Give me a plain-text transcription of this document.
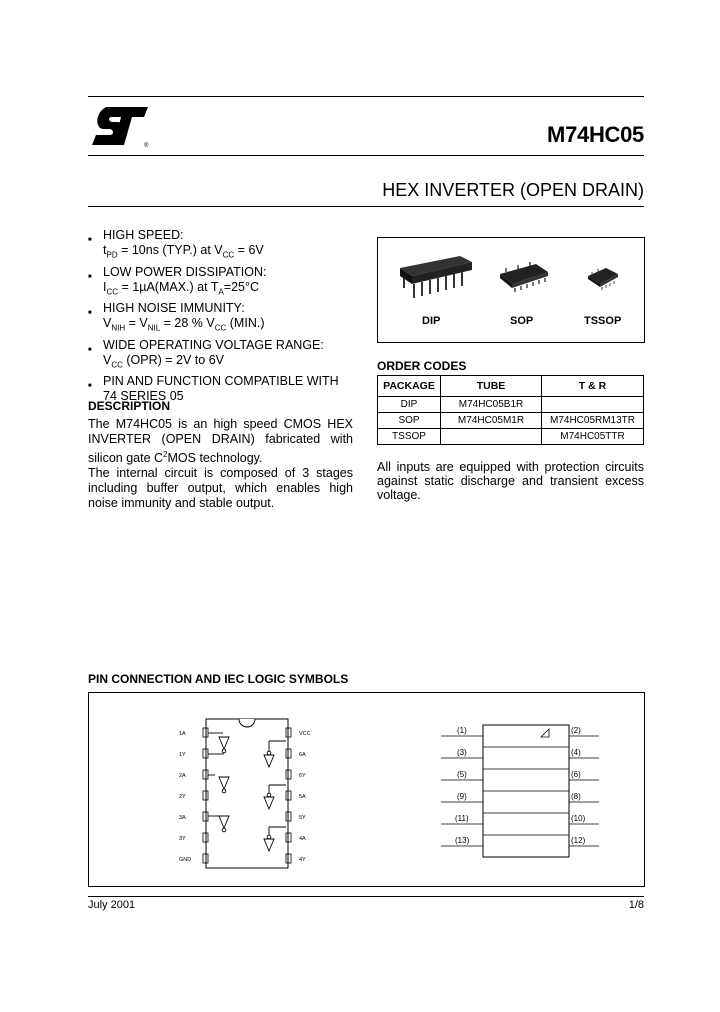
®	M74HC05
HEX INVERTER (OPEN DRAIN)
■ HIGH SPEED:
$t_{PD} = 10ns$ (TYP.) at $V_{CC} = 6V$
■ LOW POWER DISSIPATION:
$I_{CC} = 1\mu A(MAX.)$ at $T_A=25^\circ C$
■ HIGH NOISE IMMUNITY:
$V_{NIH} = V_{NIL} = 28$ % $V_{CC}$ (MIN.)
■ WIDE OPERATING VOLTAGE RANGE:
$V_{CC}$ (OPR) = 2V to 6V
■ PIN AND FUNCTION COMPATIBLE WITH
74 SERIES 05
DESCRIPTION

The M74HC05 is an high speed CMOS HEX INVERTER (OPEN DRAIN) fabricated with silicon gate $C^2MOS$ technology.

The internal circuit is composed of 3 stages including buffer output, which enables high noise immunity and stable output.

DIP	SOP	TSSOP
ORDER CODES
PACKAGE	TUBE	T & R
DIP	M74HC05B1R	
SOP	M74HC05M1R	M74HC05RM13TR
TSSOP		M74HC05TTR
All inputs are equipped with protection circuits against static discharge and transient excess voltage.
PIN CONNECTION AND IEC LOGIC SYMBOLS
1A
1Y
2A
2Y
3A
3Y
GND
VCC
6A
6Y
5A
5Y
4A
4Y
(1)
(3)
(5)
(9)
(11)
(13)
(2)
(4)
(6)
(8)
(10)
(12)
July 2001	1/8
